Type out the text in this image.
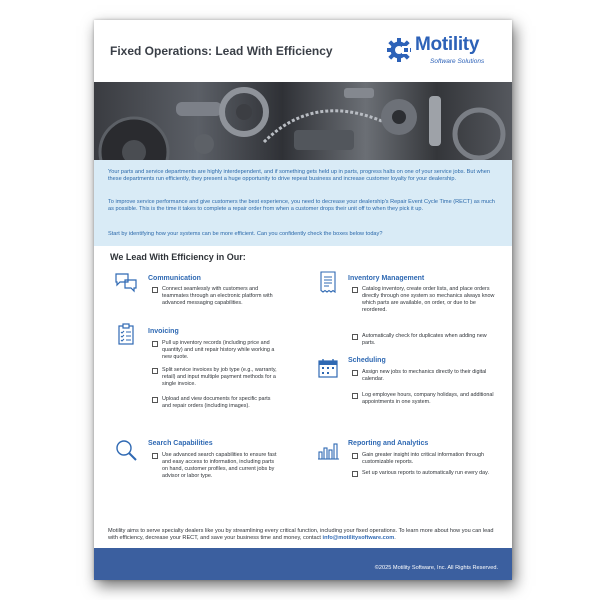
Fixed Operations: Lead With Efficiency	Motility
Software Solutions

Your parts and service departments are highly interdependent, and if something gets held up in parts, progress halts on one of your service jobs. But when these departments run efficiently, they present a huge opportunity to drive repeat business and increase customer loyalty for your dealership.

To improve service performance and give customers the best experience, you need to decrease your dealership's Repair Event Cycle Time (RECT) as much as possible. This is the time it takes to complete a repair order from when a customer drops their unit off to when they pick it up.

Start by identifying how your systems can be more efficient. Can you confidently check the boxes below today?

We Lead With Efficiency in Our:
Communication
Connect seamlessly with customers and teammates through an electronic platform with advanced messaging capabilities.
Invoicing
Pull up inventory records (including price and quantity) and unit repair history while working a new quote.
Split service invoices by job type (e.g., warranty, retail) and input multiple payment methods for a single invoice.
Upload and view documents for specific parts and repair orders (including images).
Search Capabilities
Use advanced search capabilities to ensure fast and easy access to information, including parts on hand, customer profiles, and current jobs by advisor or labor type.
Inventory Management
Catalog inventory, create order lists, and place orders directly through one system so mechanics always know which parts are available, on order, or due to be reordered.
Automatically check for duplicates when adding new parts.
Scheduling
Assign new jobs to mechanics directly to their digital calendar.
Log employee hours, company holidays, and additional appointments in one system.
Reporting and Analytics
Gain greater insight into critical information through customizable reports.
Set up various reports to automatically run every day.

Motility aims to serve specialty dealers like you by streamlining every critical function, including your fixed operations. To learn more about how you can lead with efficiency, decrease your RECT, and save your business time and money, contact info@motilitysoftware.com.

©2025 Motility Software, Inc. All Rights Reserved.
